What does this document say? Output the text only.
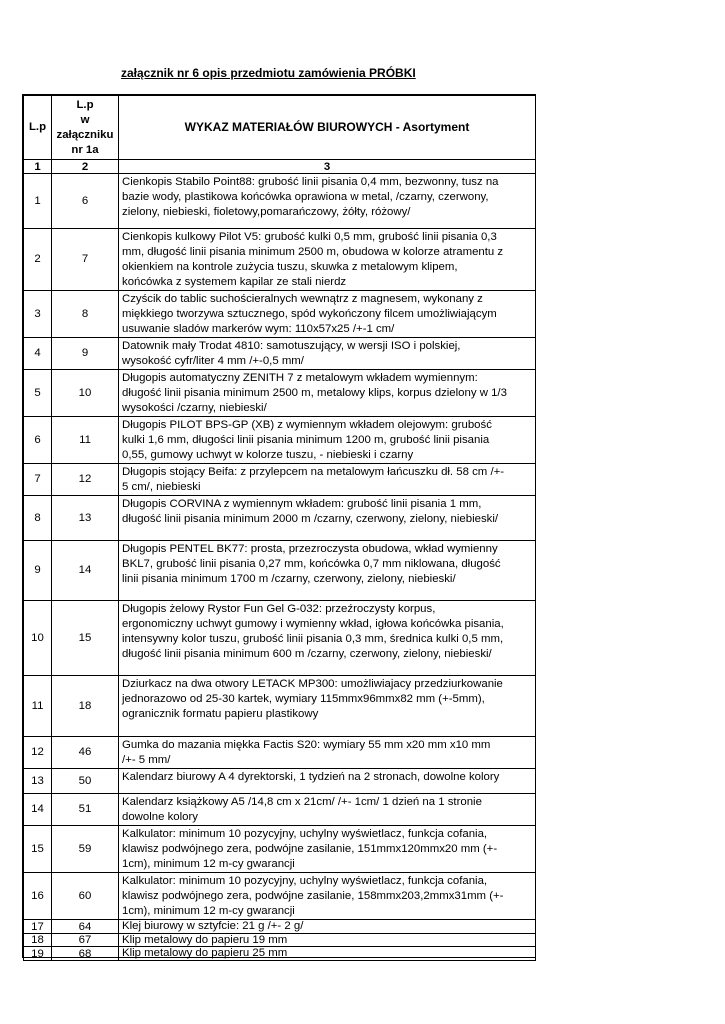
załącznik nr 6 opis przedmiotu zamówienia PRÓBKI
L.p	L.p
w
załączniku
nr 1a	WYKAZ MATERIAŁÓW BIUROWYCH - Asortyment
1	2	3
1	6	Cienkopis Stabilo Point88: grubość linii pisania 0,4 mm, bezwonny, tusz na
bazie wody, plastikowa końcówka oprawiona w metal, /czarny, czerwony,
zielony, niebieski, fioletowy,pomarańczowy, żółty, różowy/

2	7	Cienkopis kulkowy Pilot V5: grubość kulki 0,5 mm, grubość linii pisania 0,3
mm, długość linii pisania minimum 2500 m, obudowa w kolorze atramentu z
okienkiem na kontrole zużycia tuszu, skuwka z metalowym klipem,
końcówka z systemem kapilar ze stali nierdz

3	8	Czyścik do tablic suchościeralnych wewnątrz z magnesem, wykonany z
miękkiego tworzywa sztucznego, spód wykończony filcem umożliwiającym
usuwanie sladów markerów wym: 110x57x25 /+-1 cm/

4	9	Datownik mały Trodat 4810: samotuszujący, w wersji ISO i polskiej,
wysokość cyfr/liter 4 mm /+-0,5 mm/

5	10	Długopis automatyczny ZENITH 7 z metalowym wkładem wymiennym:
długość linii pisania minimum 2500 m, metalowy klips, korpus dzielony w 1/3
wysokości /czarny, niebieski/

6	11	Długopis PILOT BPS-GP (XB) z wymiennym wkładem olejowym: grubość
kulki 1,6 mm, długości linii pisania minimum 1200 m, grubość linii pisania
0,55, gumowy uchwyt w kolorze tuszu, - niebieski i czarny

7	12	Długopis stojący Beifa: z przylepcem na metalowym łańcuszku dł. 58 cm /+-
5 cm/, niebieski

8	13	Długopis CORVINA z wymiennym wkładem: grubość linii pisania 1 mm,
długość linii pisania minimum 2000 m /czarny, czerwony, zielony, niebieski/

9	14	Długopis PENTEL BK77: prosta, przezroczysta obudowa, wkład wymienny
BKL7, grubość linii pisania 0,27 mm, końcówka 0,7 mm niklowana, długość
linii pisania minimum 1700 m /czarny, czerwony, zielony, niebieski/

10	15	Długopis żelowy Rystor Fun Gel G-032: przeźroczysty korpus,
ergonomiczny uchwyt gumowy i wymienny wkład, igłowa końcówka pisania,
intensywny kolor tuszu, grubość linii pisania 0,3 mm, średnica kulki 0,5 mm,
długość linii pisania minimum 600 m /czarny, czerwony, zielony, niebieski/

11	18	Dziurkacz na dwa otwory LETACK MP300: umożliwiajacy przedziurkowanie
jednorazowo od 25-30 kartek, wymiary 115mmx96mmx82 mm (+-5mm),
ogranicznik formatu papieru plastikowy

12	46	Gumka do mazania miękka Factis S20: wymiary 55 mm x20 mm x10 mm
/+- 5 mm/

13	50	Kalendarz biurowy A 4 dyrektorski, 1 tydzień na 2 stronach, dowolne kolory

14	51	Kalendarz książkowy A5 /14,8 cm x 21cm/ /+- 1cm/ 1 dzień na 1 stronie
dowolne kolory

15	59	Kalkulator: minimum 10 pozycyjny, uchylny wyświetlacz, funkcja cofania,
klawisz podwójnego zera, podwójne zasilanie, 151mmx120mmx20 mm (+-
1cm), minimum 12 m-cy gwarancji

16	60	Kalkulator: minimum 10 pozycyjny, uchylny wyświetlacz, funkcja cofania,
klawisz podwójnego zera, podwójne zasilanie, 158mmx203,2mmx31mm (+-
1cm), minimum 12 m-cy gwarancji

17	64	Klej biurowy w sztyfcie: 21 g /+- 2 g/

18	67	Klip metalowy do papieru 19 mm

19	68	Klip metalowy do papieru 25 mm
